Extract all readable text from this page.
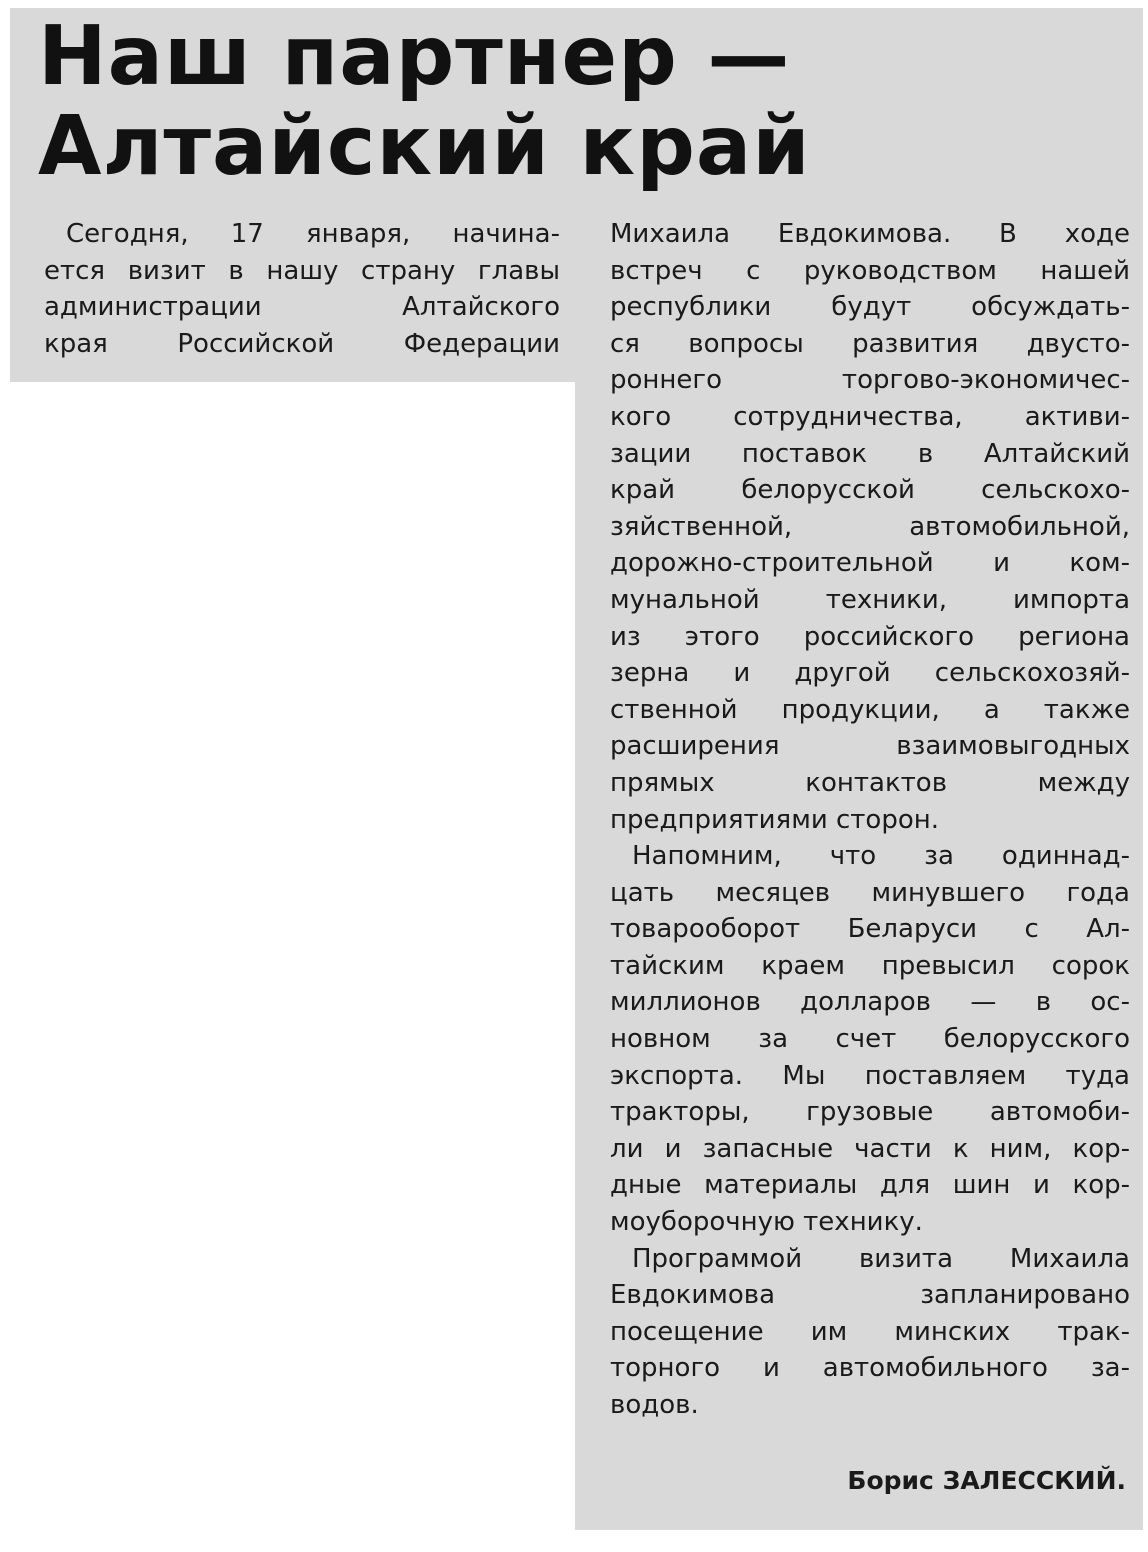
Наш партнер —
Алтайский край
Сегодня, 17 января, начина-
ется визит в нашу страну главы
администрации Алтайского
края Российской Федерации
Михаила Евдокимова. В ходе
встреч с руководством нашей
республики будут обсуждать-
ся вопросы развития двусто-
роннего торгово-экономичес-
кого сотрудничества, активи-
зации поставок в Алтайский
край белорусской сельскохо-
зяйственной, автомобильной,
дорожно-строительной и ком-
мунальной техники, импорта
из этого российского региона
зерна и другой сельскохозяй-
ственной продукции, а также
расширения взаимовыгодных
прямых контактов между
предприятиями сторон.
Напомним, что за одиннад-
цать месяцев минувшего года
товарооборот Беларуси с Ал-
тайским краем превысил сорок
миллионов долларов — в ос-
новном за счет белорусского
экспорта. Мы поставляем туда
тракторы, грузовые автомоби-
ли и запасные части к ним, кор-
дные материалы для шин и кор-
моуборочную технику.
Программой визита Михаила
Евдокимова запланировано
посещение им минских трак-
торного и автомобильного за-
водов.
Борис ЗАЛЕССКИЙ.
